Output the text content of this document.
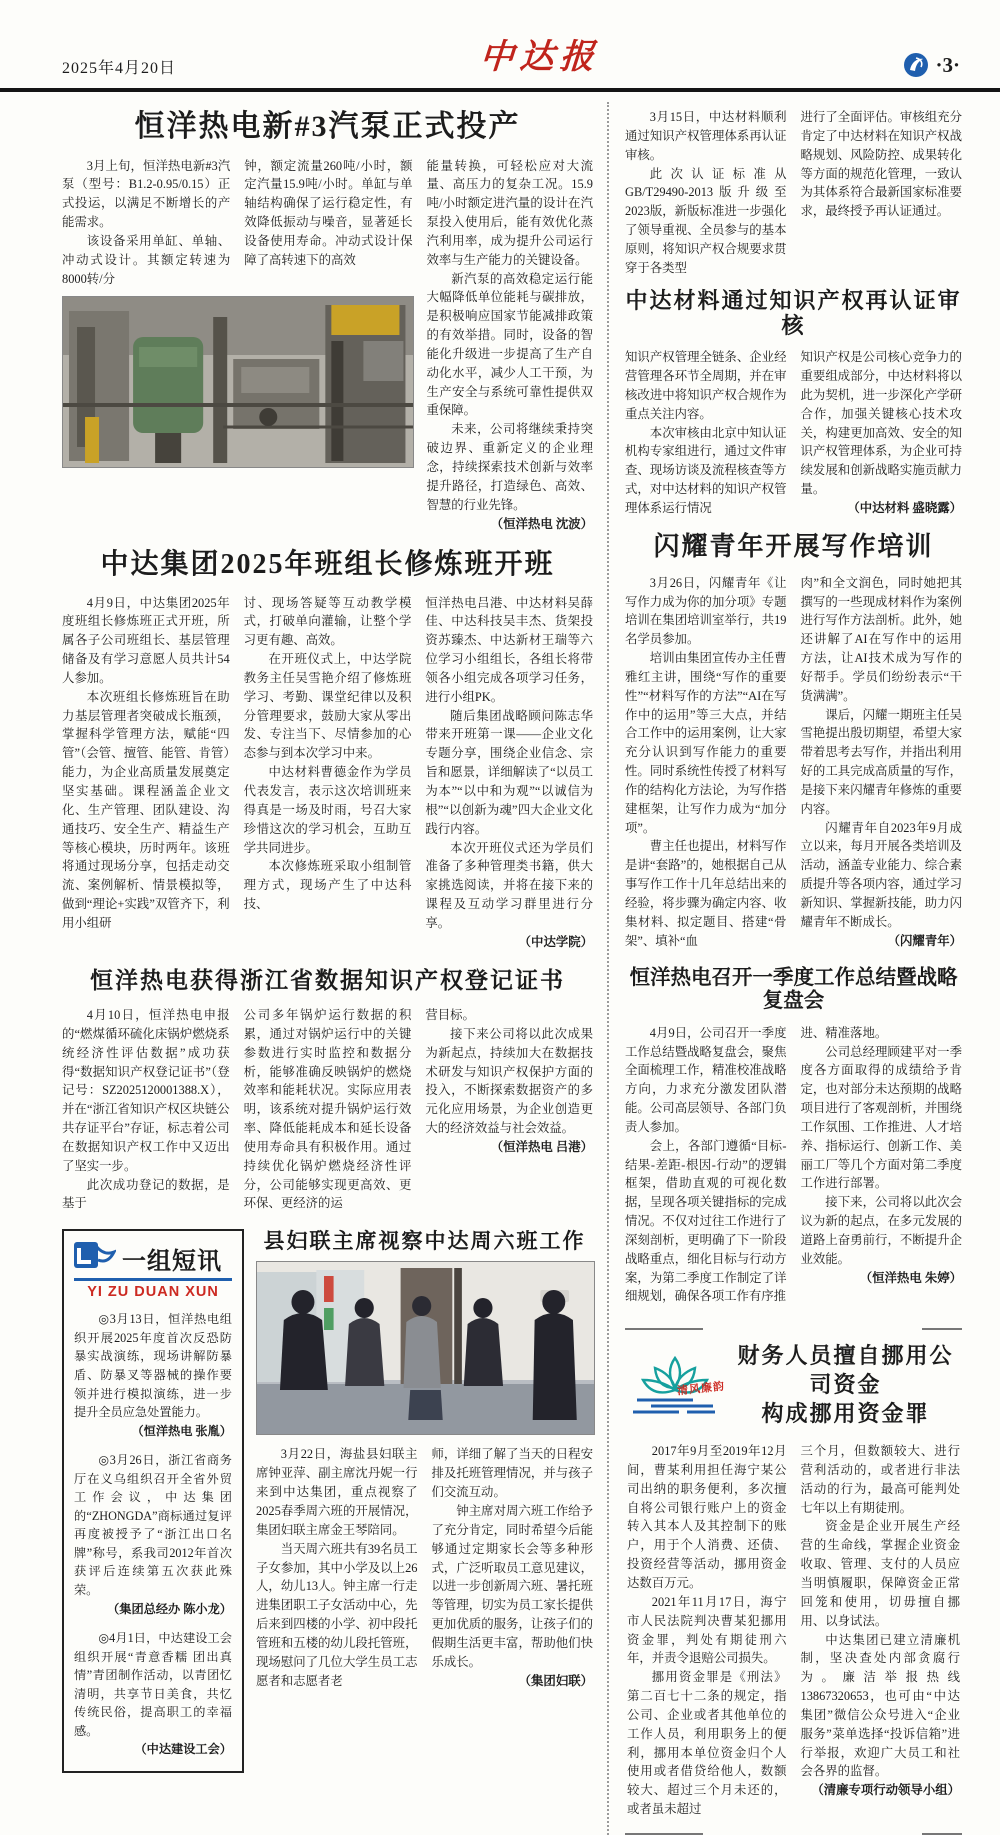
2025年4月20日	中达报	·3·
恒洋热电新#3汽泵正式投产

3月上旬，恒洋热电新#3汽泵（型号：B1.2-0.95/0.15）正式投运，以满足不断增长的产能需求。

该设备采用单缸、单轴、冲动式设计。其额定转速为8000转/分

钟，额定流量260吨/小时，额定汽量15.9吨/小时。单缸与单轴结构确保了运行稳定性，有效降低振动与噪音，显著延长设备使用寿命。冲动式设计保障了高转速下的高效

能量转换，可轻松应对大流量、高压力的复杂工况。15.9吨/小时额定进汽量的设计在汽泵投入使用后，能有效优化蒸汽利用率，成为提升公司运行效率与生产能力的关键设备。

新汽泵的高效稳定运行能大幅降低单位能耗与碳排放，是积极响应国家节能减排政策的有效举措。同时，设备的智能化升级进一步提高了生产自动化水平，减少人工干预，为生产安全与系统可靠性提供双重保障。

未来，公司将继续秉持突破边界、重新定义的企业理念，持续探索技术创新与效率提升路径，打造绿色、高效、智慧的行业先锋。

（恒洋热电 沈波）

中达集团2025年班组长修炼班开班

4月9日，中达集团2025年度班组长修炼班正式开班，所属各子公司班组长、基层管理储备及有学习意愿人员共计54人参加。

本次班组长修炼班旨在助力基层管理者突破成长瓶颈，掌握科学管理方法，赋能“四管”（会管、擅管、能管、肯管）能力，为企业高质量发展奠定坚实基础。课程涵盖企业文化、生产管理、团队建设、沟通技巧、安全生产、精益生产等核心模块，历时两年。该班将通过现场分享，包括走动交流、案例解析、情景模拟等，做到“理论+实践”双管齐下，利用小组研

讨、现场答疑等互动教学模式，打破单向灌输，让整个学习更有趣、高效。

在开班仪式上，中达学院教务主任吴雪艳介绍了修炼班学习、考勤、课堂纪律以及积分管理要求，鼓励大家从零出发、专注当下、尽情参加的心态参与到本次学习中来。

中达材料曹德金作为学员代表发言，表示这次培训班来得真是一场及时雨，号召大家珍惜这次的学习机会，互助互学共同进步。

本次修炼班采取小组制管理方式，现场产生了中达科技、

恒洋热电吕港、中达材料吴薛佳、中达科技吴丰杰、货架投资苏臻杰、中达新材王瑞等六位学习小组组长，各组长将带领各小组完成各项学习任务，进行小组PK。

随后集团战略顾问陈志华带来开班第一课——企业文化专题分享，围绕企业信念、宗旨和愿景，详细解读了“以员工为本”“以中和为观”“以诚信为根”“以创新为魂”四大企业文化践行内容。

本次开班仪式还为学员们准备了多种管理类书籍，供大家挑选阅读，并将在接下来的课程及互动学习群里进行分享。

（中达学院）

恒洋热电获得浙江省数据知识产权登记证书

4月10日，恒洋热电申报的“燃煤循环硫化床锅炉燃烧系统经济性评估数据”成功获得“数据知识产权登记证书”（登记号：SZ2025120001388.X），并在“浙江省知识产权区块链公共存证平台”存证，标志着公司在数据知识产权工作中又迈出了坚实一步。

此次成功登记的数据，是基于

公司多年锅炉运行数据的积累，通过对锅炉运行中的关键参数进行实时监控和数据分析，能够准确反映锅炉的燃烧效率和能耗状况。实际应用表明，该系统对提升锅炉运行效率、降低能耗成本和延长设备使用寿命具有积极作用。通过持续优化锅炉燃烧经济性评分，公司能够实现更高效、更环保、更经济的运

营目标。

接下来公司将以此次成果为新起点，持续加大在数据技术研发与知识产权保护方面的投入，不断探索数据资产的多元化应用场景，为企业创造更大的经济效益与社会效益。

（恒洋热电 吕港）

一组短讯
YI ZU DUAN XUN

◎3月13日，恒洋热电组织开展2025年度首次反恐防暴实战演练，现场讲解防暴盾、防暴叉等器械的操作要领并进行模拟演练，进一步提升全员应急处置能力。

（恒洋热电 张胤）

◎3月26日，浙江省商务厅在义乌组织召开全省外贸工作会议，中达集团的“ZHONGDA”商标通过复评再度被授予了“浙江出口名牌”称号，系我司2012年首次获评后连续第五次获此殊荣。

（集团总经办 陈小龙）

◎4月1日，中达建设工会组织开展“青意香糯 团出真情”青团制作活动，以青团忆清明，共享节日美食，共忆传统民俗，提高职工的幸福感。

（中达建设工会）

县妇联主席视察中达周六班工作

3月22日，海盐县妇联主席钟亚萍、副主席沈丹妮一行来到中达集团，重点视察了2025春季周六班的开展情况，集团妇联主席金王琴陪同。

当天周六班共有39名员工子女参加，其中小学及以上26人，幼儿13人。钟主席一行走进集团职工子女活动中心，先后来到四楼的小学、初中段托管班和五楼的幼儿段托管班，现场慰问了几位大学生员工志愿者和志愿者老

师，详细了解了当天的日程安排及托班管理情况，并与孩子们交流互动。

钟主席对周六班工作给予了充分肯定，同时希望今后能够通过定期家长会等多种形式，广泛听取员工意见建议，以进一步创新周六班、暑托班等管理，切实为员工家长提供更加优质的服务，让孩子们的假期生活更丰富，帮助他们快乐成长。

（集团妇联）

3月15日，中达材料顺利通过知识产权管理体系再认证审核。

此次认证标准从GB/T29490-2013版升级至2023版，新版标准进一步强化了领导重视、全员参与的基本原则，将知识产权合规要求贯穿于各类型

进行了全面评估。审核组充分肯定了中达材料在知识产权战略规划、风险防控、成果转化等方面的规范化管理，一致认为其体系符合最新国家标准要求，最终授予再认证通过。

中达材料通过知识产权再认证审核

知识产权管理全链条、企业经营管理各环节全周期，并在审核改进中将知识产权合规作为重点关注内容。

本次审核由北京中知认证机构专家组进行，通过文件审查、现场访谈及流程核查等方式，对中达材料的知识产权管理体系运行情况

知识产权是公司核心竞争力的重要组成部分，中达材料将以此为契机，进一步深化产学研合作，加强关键核心技术攻关，构建更加高效、安全的知识产权管理体系，为企业可持续发展和创新战略实施贡献力量。

（中达材料 盛晓露）

闪耀青年开展写作培训

3月26日，闪耀青年《让写作力成为你的加分项》专题培训在集团培训室举行，共19名学员参加。

培训由集团宣传办主任曹雅红主讲，围绕“写作的重要性”“材料写作的方法”“AI在写作中的运用”等三大点，并结合工作中的运用案例，让大家充分认识到写作能力的重要性。同时系统性传授了材料写作的结构化方法论，为写作搭建框架，让写作力成为“加分项”。

曹主任也提出，材料写作是讲“套路”的，她根据自己从事写作工作十几年总结出来的经验，将步骤为确定内容、收集材料、拟定题目、搭建“骨架”、填补“血

肉”和全文润色，同时她把其撰写的一些现成材料作为案例进行写作方法剖析。此外，她还讲解了AI在写作中的运用方法，让AI技术成为写作的好帮手。学员们纷纷表示“干货满满”。

课后，闪耀一期班主任吴雪艳提出殷切期望，希望大家带着思考去写作，并指出利用好的工具完成高质量的写作，是接下来闪耀青年修炼的重要内容。

闪耀青年自2023年9月成立以来，每月开展各类培训及活动，涵盖专业能力、综合素质提升等各项内容，通过学习新知识、掌握新技能，助力闪耀青年不断成长。

（闪耀青年）

恒洋热电召开一季度工作总结暨战略复盘会

4月9日，公司召开一季度工作总结暨战略复盘会，聚焦全面梳理工作，精准校准战略方向，力求充分激发团队潜能。公司高层领导、各部门负责人参加。

会上，各部门遵循“目标-结果-差距-根因-行动”的逻辑框架，借助直观的可视化数据，呈现各项关键指标的完成情况。不仅对过往工作进行了深刻剖析，更明确了下一阶段战略重点，细化目标与行动方案，为第二季度工作制定了详细规划，确保各项工作有序推

进、精准落地。

公司总经理顾建平对一季度各方面取得的成绩给予肯定，也对部分未达预期的战略项目进行了客观剖析，并围绕工作氛围、工作推进、人才培养、指标运行、创新工作、美丽工厂等几个方面对第二季度工作进行部署。

接下来，公司将以此次会议为新的起点，在多元发展的道路上奋勇前行，不断提升企业效能。

（恒洋热电 朱婷）

清风廉韵
财务人员擅自挪用公司资金
构成挪用资金罪

2017年9月至2019年12月间，曹某利用担任海宁某公司出纳的职务便利，多次擅自将公司银行账户上的资金转入其本人及其控制下的账户，用于个人消费、还债、投资经营等活动，挪用资金达数百万元。

2021年11月17日，海宁市人民法院判决曹某犯挪用资金罪，判处有期徒刑六年，并责令退赔公司损失。

挪用资金罪是《刑法》第二百七十二条的规定，指公司、企业或者其他单位的工作人员，利用职务上的便利，挪用本单位资金归个人使用或者借贷给他人，数额较大、超过三个月未还的，或者虽未超过

三个月，但数额较大、进行营利活动的，或者进行非法活动的行为，最高可能判处七年以上有期徒刑。

资金是企业开展生产经营的生命线，掌握企业资金收取、管理、支付的人员应当明慎履职，保障资金正常回笼和使用，切毋擅自挪用、以身试法。

中达集团已建立清廉机制，坚决查处内部贪腐行为。廉洁举报热线13867320653，也可由“中达集团”微信公众号进入“企业服务”菜单选择“投诉信箱”进行举报，欢迎广大员工和社会各界的监督。

（清廉专项行动领导小组）
